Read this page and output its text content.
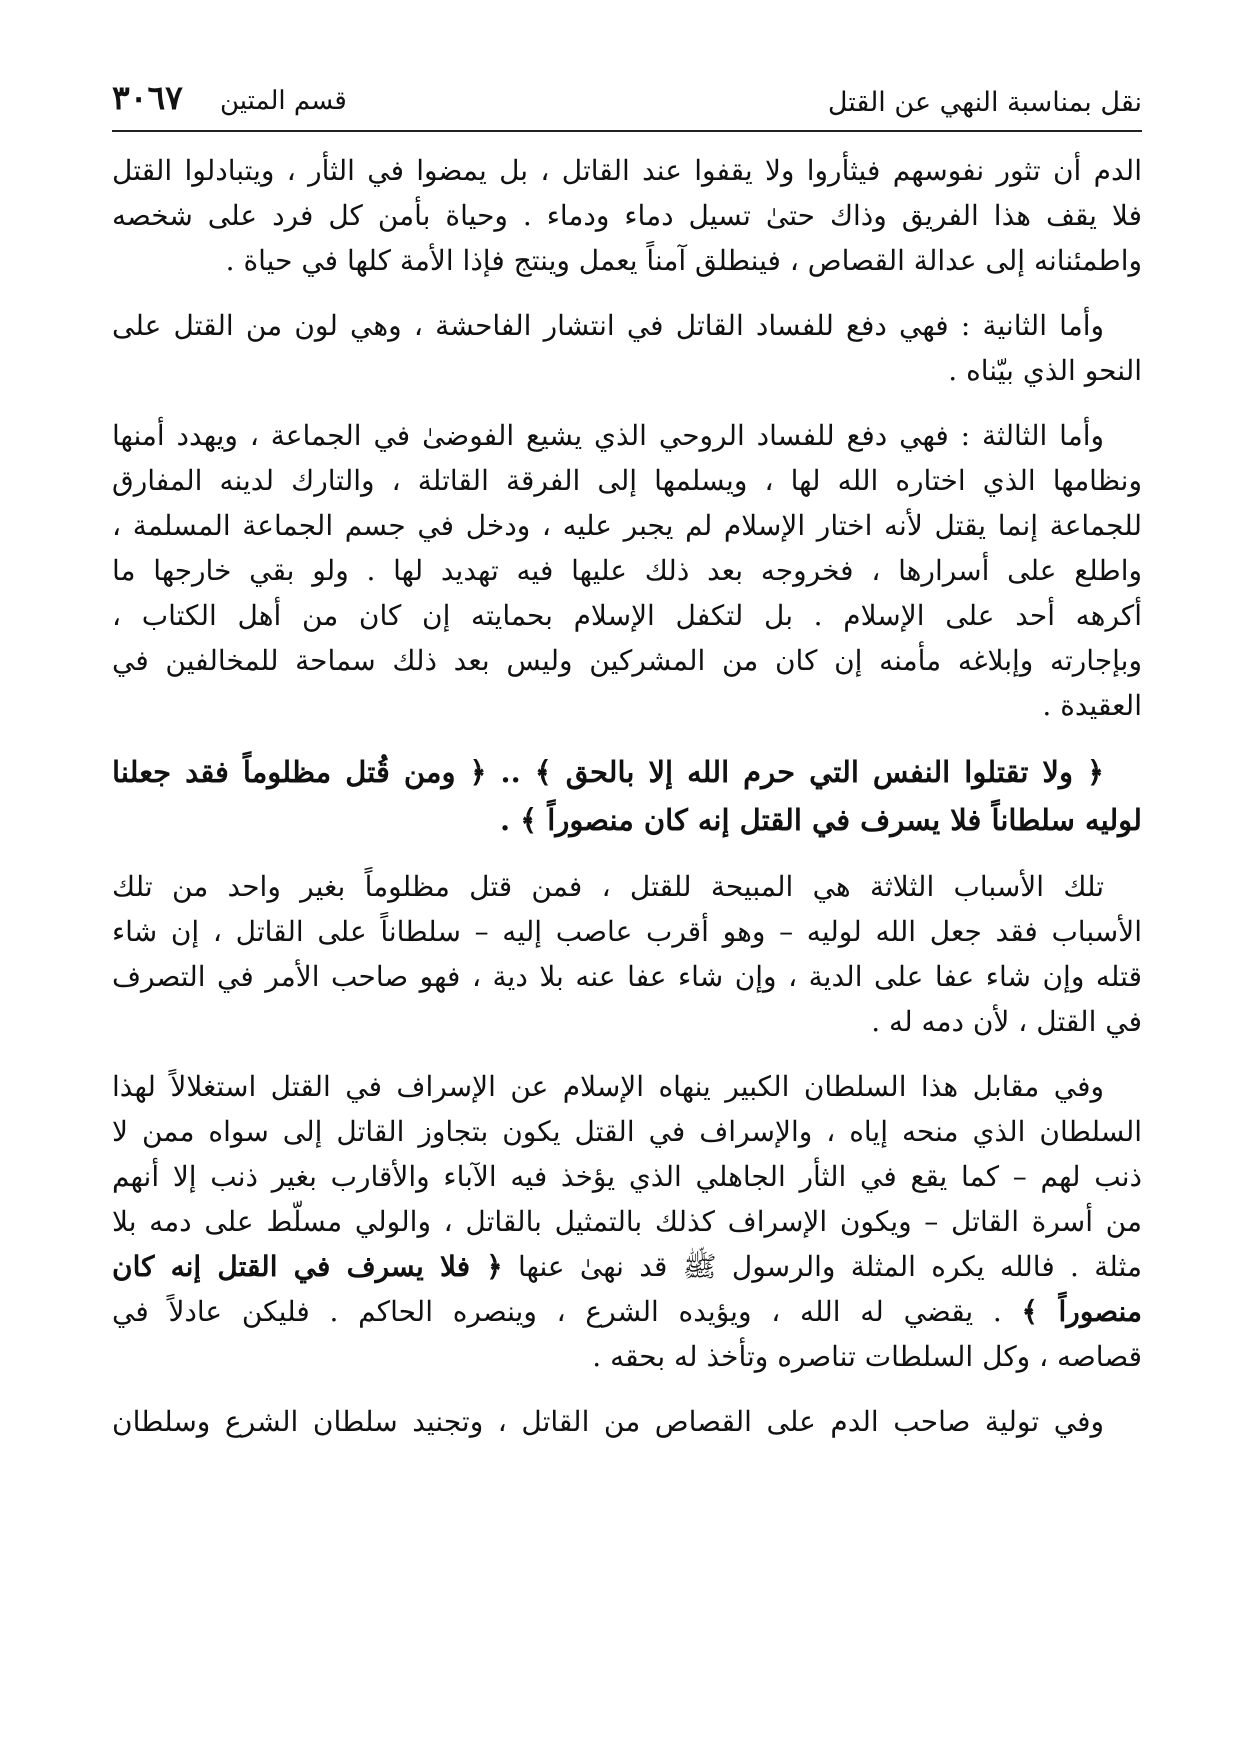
نقل بمناسبة النهي عن القتل
قسم المتين
٣٠٦٧
الدم أن تثور نفوسهم فيثأروا ولا يقفوا عند القاتل ، بل يمضوا في الثأر ، ويتبادلوا القتل
فلا يقف هذا الفريق وذاك حتىٰ تسيل دماء ودماء . وحياة بأمن كل فرد على شخصه
واطمئنانه إلى عدالة القصاص ، فينطلق آمناً يعمل وينتج فإذا الأمة كلها في حياة .
وأما الثانية : فهي دفع للفساد القاتل في انتشار الفاحشة ، وهي لون من القتل على
النحو الذي بيّناه .
وأما الثالثة : فهي دفع للفساد الروحي الذي يشيع الفوضىٰ في الجماعة ، ويهدد أمنها
ونظامها الذي اختاره الله لها ، ويسلمها إلى الفرقة القاتلة ، والتارك لدينه المفارق
للجماعة إنما يقتل لأنه اختار الإسلام لم يجبر عليه ، ودخل في جسم الجماعة المسلمة ،
واطلع على أسرارها ، فخروجه بعد ذلك عليها فيه تهديد لها . ولو بقي خارجها ما
أكرهه أحد على الإسلام . بل لتكفل الإسلام بحمايته إن كان من أهل الكتاب ،
وبإجارته وإبلاغه مأمنه إن كان من المشركين وليس بعد ذلك سماحة للمخالفين في
العقيدة .
﴿ ولا تقتلوا النفس التي حرم الله إلا بالحق ﴾ .. ﴿ ومن قُتل مظلوماً فقد جعلنا
لوليه سلطاناً فلا يسرف في القتل إنه كان منصوراً ﴾ .
تلك الأسباب الثلاثة هي المبيحة للقتل ، فمن قتل مظلوماً بغير واحد من تلك
الأسباب فقد جعل الله لوليه – وهو أقرب عاصب إليه – سلطاناً على القاتل ، إن شاء
قتله وإن شاء عفا على الدية ، وإن شاء عفا عنه بلا دية ، فهو صاحب الأمر في التصرف
في القتل ، لأن دمه له .
وفي مقابل هذا السلطان الكبير ينهاه الإسلام عن الإسراف في القتل استغلالاً لهذا
السلطان الذي منحه إياه ، والإسراف في القتل يكون بتجاوز القاتل إلى سواه ممن لا
ذنب لهم – كما يقع في الثأر الجاهلي الذي يؤخذ فيه الآباء والأقارب بغير ذنب إلا أنهم
من أسرة القاتل – ويكون الإسراف كذلك بالتمثيل بالقاتل ، والولي مسلّط على دمه بلا
مثلة . فالله يكره المثلة والرسول ﷺ قد نهىٰ عنها ﴿ فلا يسرف في القتل إنه كان
منصوراً ﴾ . يقضي له الله ، ويؤيده الشرع ، وينصره الحاكم . فليكن عادلاً في
قصاصه ، وكل السلطات تناصره وتأخذ له بحقه .
وفي تولية صاحب الدم على القصاص من القاتل ، وتجنيد سلطان الشرع وسلطان
